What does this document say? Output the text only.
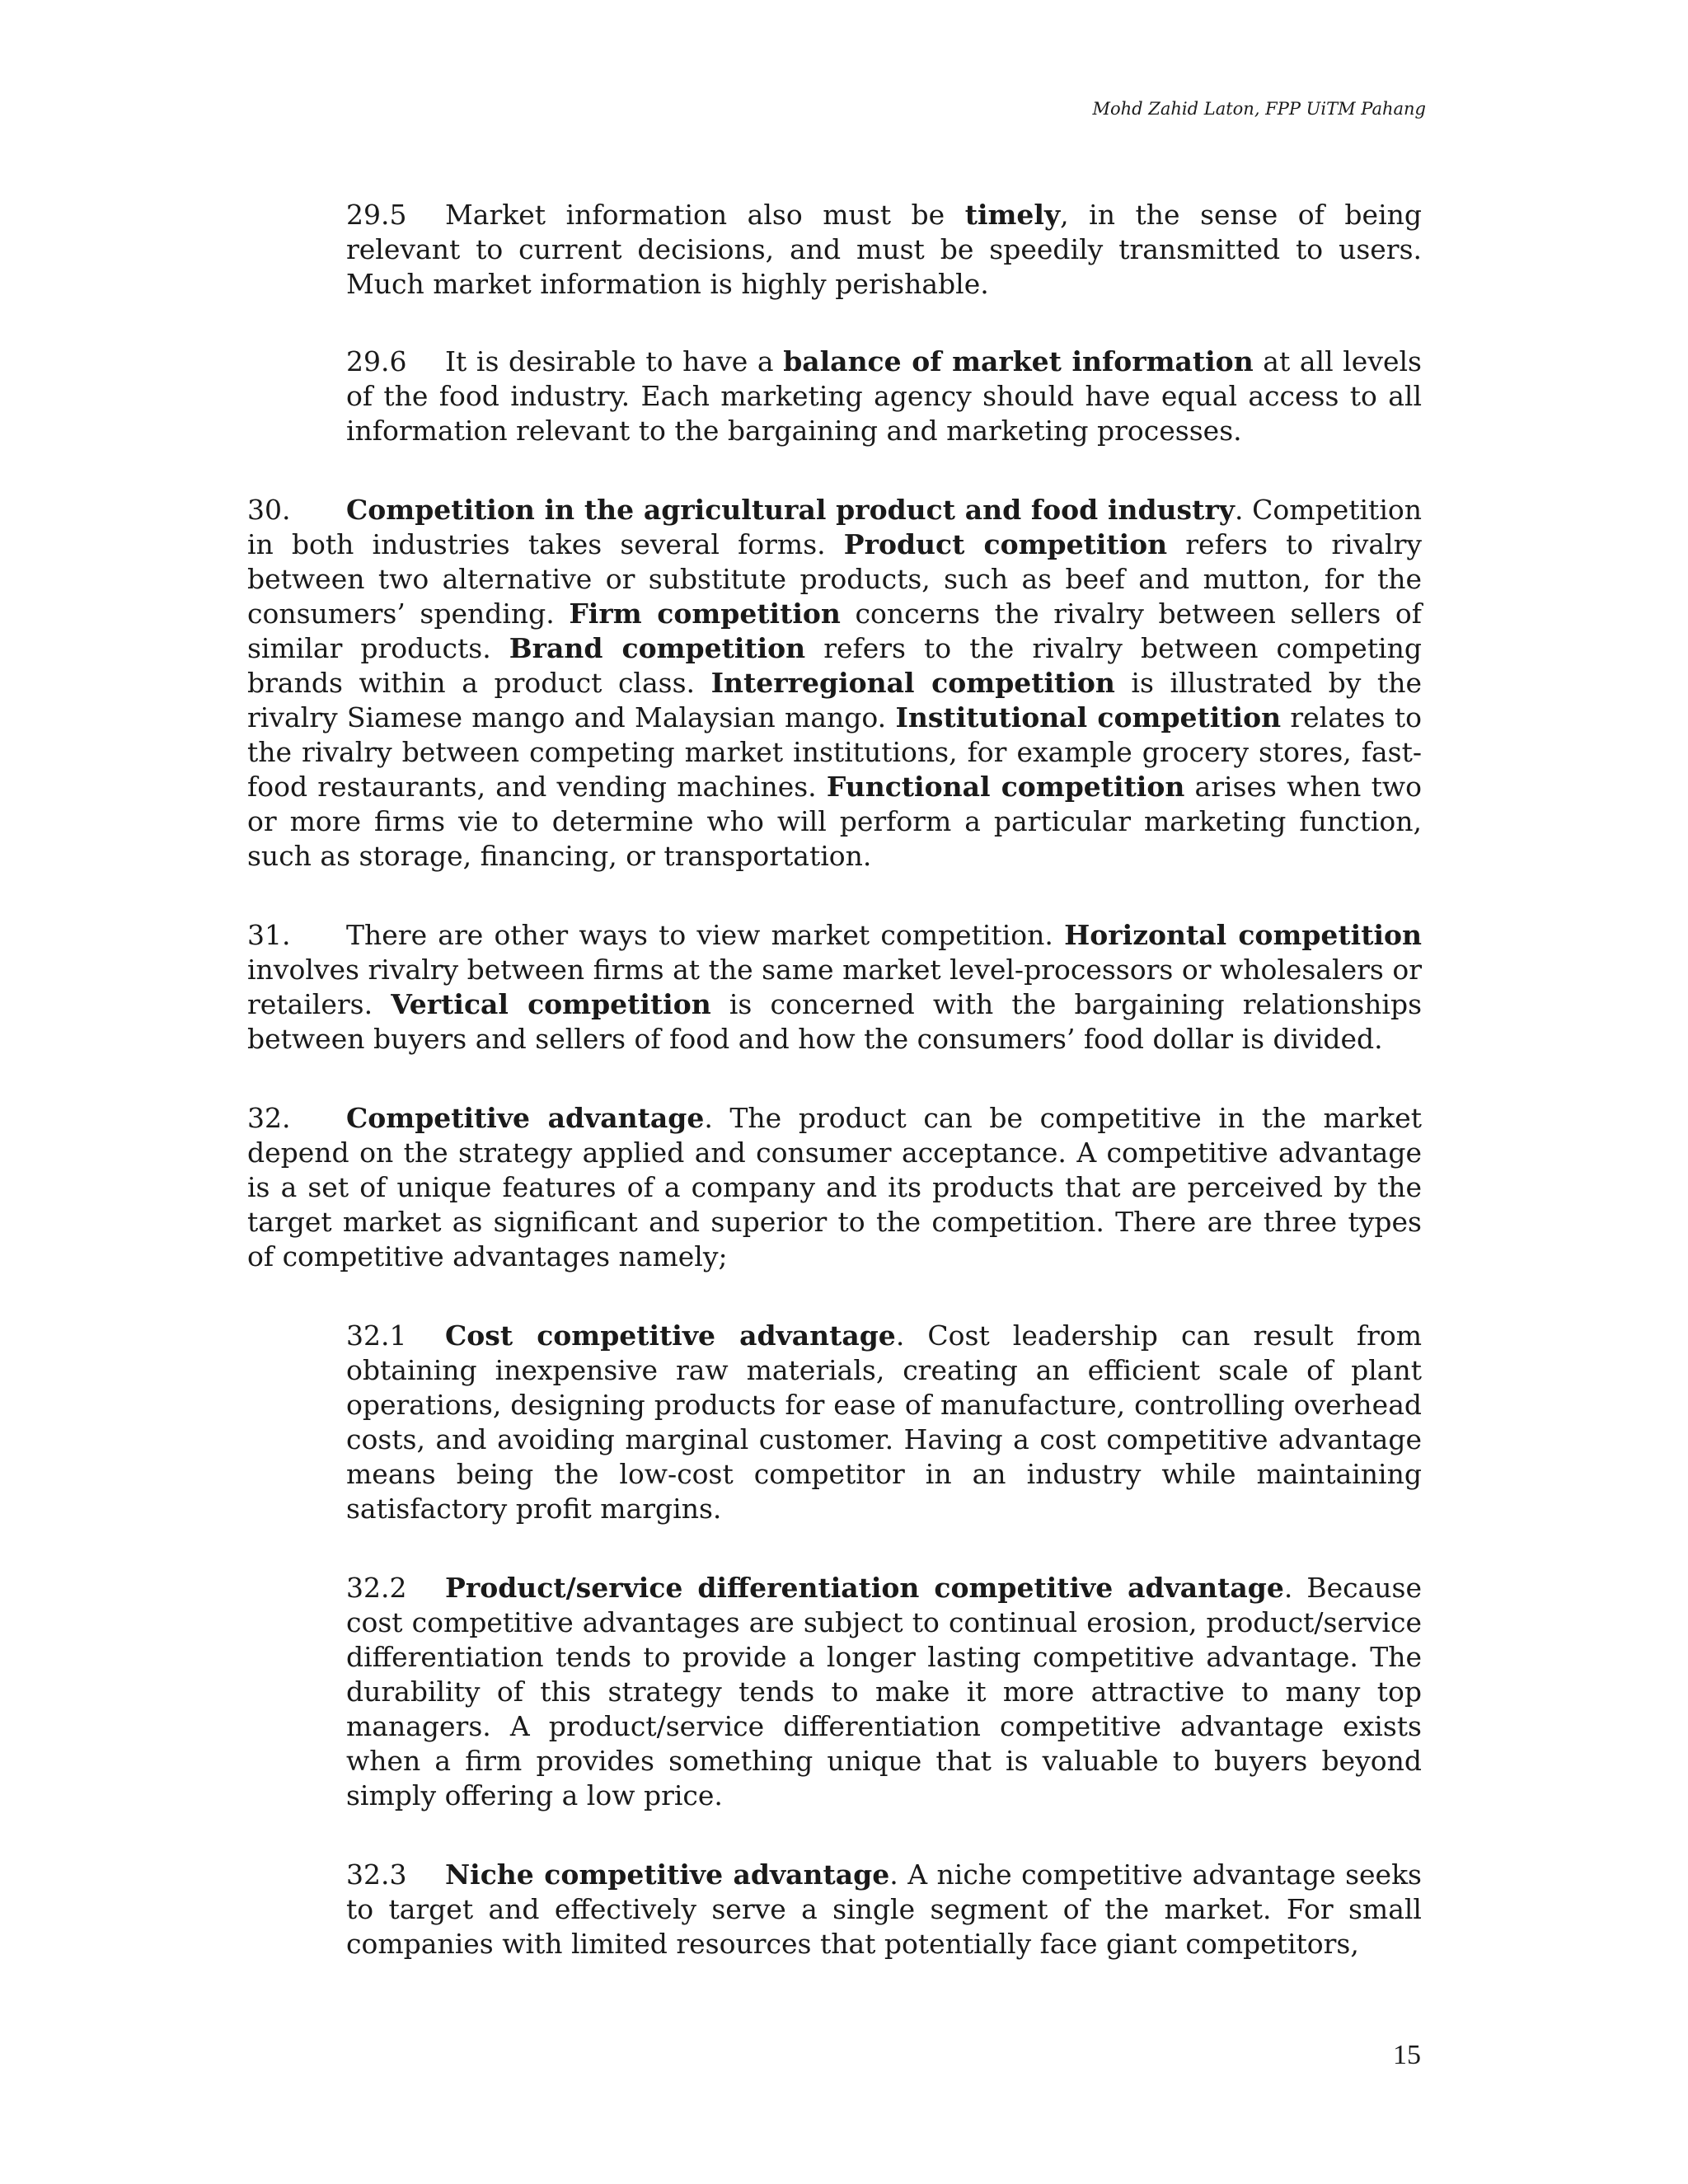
Mohd Zahid Laton, FPP UiTM Pahang

29.5 Market information also must be timely, in the sense of being relevant to current decisions, and must be speedily transmitted to users. Much market information is highly perishable.

29.6 It is desirable to have a balance of market information at all levels of the food industry. Each marketing agency should have equal access to all information relevant to the bargaining and marketing processes.

30. Competition in the agricultural product and food industry. Competition in both industries takes several forms. Product competition refers to rivalry between two alternative or substitute products, such as beef and mutton, for the consumers’ spending. Firm competition concerns the rivalry between sellers of similar products. Brand competition refers to the rivalry between competing brands within a product class. Interregional competition is illustrated by the rivalry Siamese mango and Malaysian mango. Institutional competition relates to the rivalry between competing market institutions, for example grocery stores, fast-food restaurants, and vending machines. Functional competition arises when two or more firms vie to determine who will perform a particular marketing function, such as storage, financing, or transportation.

31. There are other ways to view market competition. Horizontal competition involves rivalry between firms at the same market level-processors or wholesalers or retailers. Vertical competition is concerned with the bargaining relationships between buyers and sellers of food and how the consumers’ food dollar is divided.

32. Competitive advantage. The product can be competitive in the market depend on the strategy applied and consumer acceptance. A competitive advantage is a set of unique features of a company and its products that are perceived by the target market as significant and superior to the competition. There are three types of competitive advantages namely;

32.1 Cost competitive advantage. Cost leadership can result from obtaining inexpensive raw materials, creating an efficient scale of plant operations, designing products for ease of manufacture, controlling overhead costs, and avoiding marginal customer. Having a cost competitive advantage means being the low-cost competitor in an industry while maintaining satisfactory profit margins.

32.2 Product/service differentiation competitive advantage. Because cost competitive advantages are subject to continual erosion, product/service differentiation tends to provide a longer lasting competitive advantage. The durability of this strategy tends to make it more attractive to many top managers. A product/service differentiation competitive advantage exists when a firm provides something unique that is valuable to buyers beyond simply offering a low price.

32.3 Niche competitive advantage. A niche competitive advantage seeks to target and effectively serve a single segment of the market. For small companies with limited resources that potentially face giant competitors,

15
